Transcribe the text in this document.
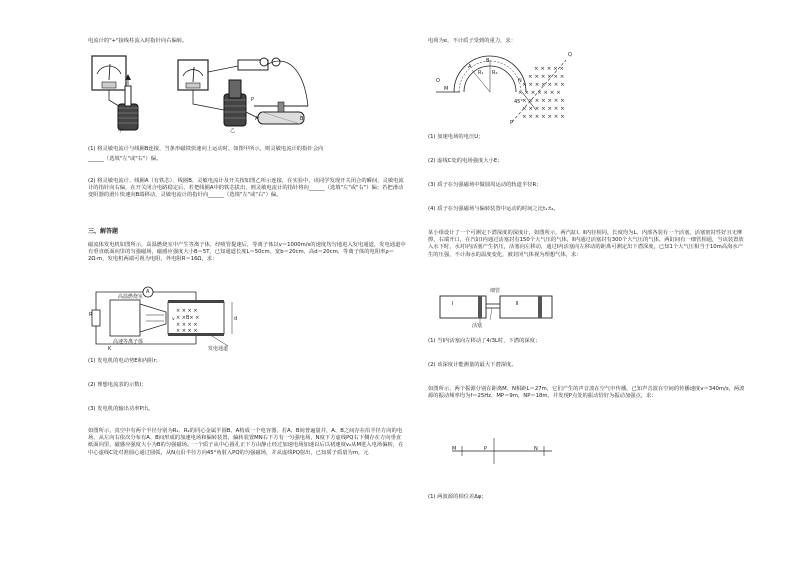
电流计的"+"接线柱流入时指针向右偏转。
甲	乙
P
A	B
(1) 将灵敏电流计与线圈B连接，当条形磁铁快速向上运动时，如图甲所示，则灵敏电流计的指针会向
______（选填"左"或"右"）偏。
(2) 将灵敏电流计、线圈A（有铁芯）、线圈B、灵敏电流计及开关按如图乙所示连接，在实验中，该同学发现开关闭合的瞬间，灵敏电流计的指针向右偏，在开关闭合电路稳定后，若把线圈A中的铁芯拔出，则灵敏电流计的指针将向______（选填"左"或"右"）偏；若把滑动变阻器的滑片快速向B端移动，灵敏电流计的指针向______（选填"左"或"右"）偏。
三、解答题
磁流体发电机如图所示，高温燃烧室中产生等离子体，经喷管提速后，等离子体以v＝1000m/s的速度均匀地进入发电通道，发电通道中有垂直纸面向里的匀强磁场，磁感应强度大小B＝5T，已知通道长度L＝50cm、宽b＝20cm、高d＝20cm，等离子体的电阻率ρ＝2Ω·m，发电机两端可视为电阻，外电阻R＝16Ω，求：
× × × ×
× ×B× ×
× × × ×
× × × ×
d
v
高温燃烧室
高速等离子体
发电通道
R
K
A
(1) 发电机的电动势E和内阻r；
(2) 理想电流表的示数I；
(3) 发电机的输出功率P出。
如图所示，真空中有两个半径分别为R₁、R₂的同心金属半圆B、A构成一个电容器，若A、B间普遍量并，A、B之间存在沿半径方向的电场，从左向右依次分布有A、B间形成的加速电场和偏转装置，偏转装置MN右下方有一匀强电场，N度下方虚线PQ右下侧存在方向垂直纸面向里，磁感应强度大小为B的匀强磁场。一个质子从中心圆孔正下方由静止经过加速电场加速以后以初速度v₀从M进入电场偏转，在中心虚线C处对准圆心通过圆弧，从N点沿半径方向45°角射入PQ的匀强磁场，并从虚线PQ射出，已知质子质量为m，元
电荷为e，不计质子受到的重力，求：
× × × × ×
× × × × × ×
× × × × × × ×
× × × × × × ×
× × × × × × ×
× × × × × × ×
× × × × × × ×
O
M
N
P
Q
A
B
R₁ R₂
45°
(1) 加速电场的电压U；
(2) 虚线C处的电场强度大小E；
(3) 质子在匀强磁场中做圆周运动的轨道半径R；
(4) 质子在匀强磁场与偏转装置中运动的时间之比t₁:t₂。
某小组设计了一个可测定下潜深度的深度计，如图所示，两汽缸Ⅰ、Ⅱ内径相同，长度均为L，内部各装有一个活塞，活塞密封性好且无摩擦，右端开口，在汽缸Ⅰ内通过活塞封有150个大气压的气体，Ⅱ内通过活塞封有300个大气压的气体，两缸间有一细管相通，当该装置放入水下时，水对Ⅰ内活塞产生挤压，活塞向左移动，通过Ⅰ内活塞向左移动的距离可测定出下潜深度，已知1个大气压相当于10m高海水产生的压强，不计海水的温度变化，被封闭气体视为理想气体，求：
Ⅰ	Ⅱ
细管
活塞
(1) 当Ⅰ内活塞向左移动了4/3L时，下潜的深度；
(2) 该深度计能测量的最大下潜深度。
如图所示，两个振源分别在距离M、N相距L＝27m，它们产生的声音波在空气中传播，已知声音波在空间的传播速度v＝340m/s，两波源的振动频率均为f＝25Hz，MP＝9m，NP＝18m，并发现P点处的振动恰好为振动加强点，求：
M	P	N
(1) 两波源的相位差Δφ；
